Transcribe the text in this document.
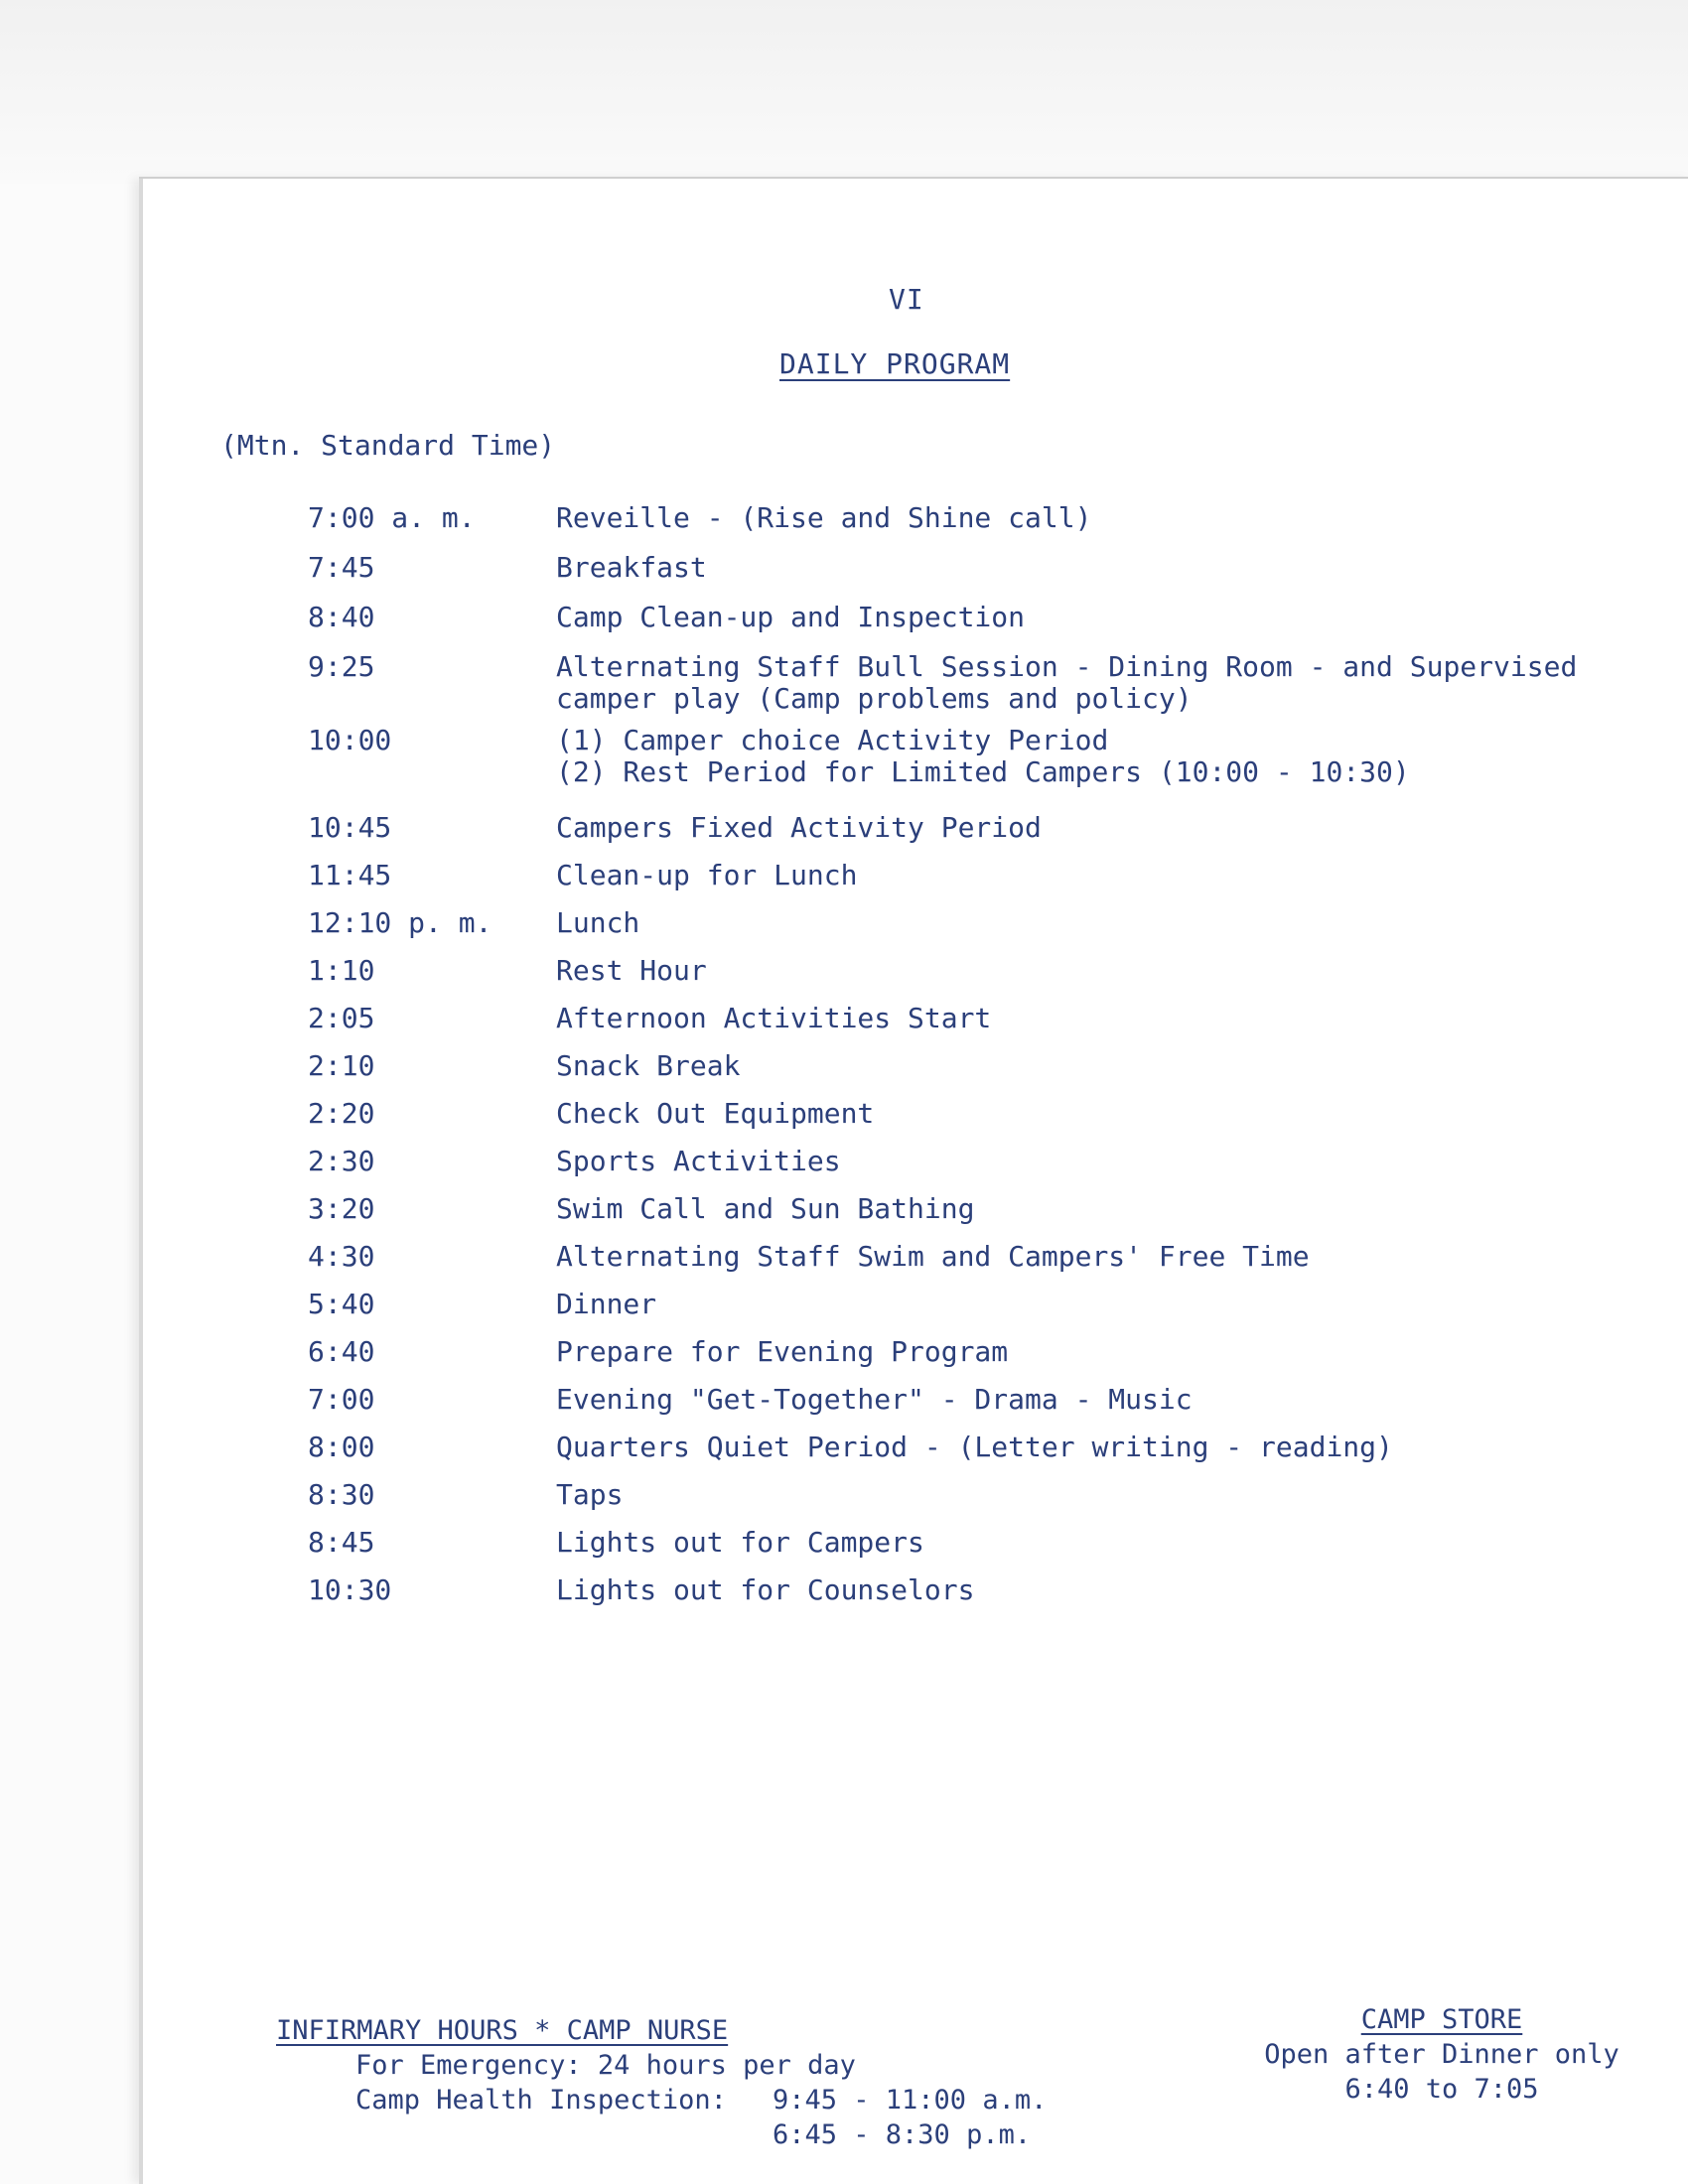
VI
DAILY PROGRAM
(Mtn. Standard Time)
7:00 a. m.	Reveille - (Rise and Shine call)
7:45	Breakfast
8:40	Camp Clean-up and Inspection
9:25	Alternating Staff Bull Session - Dining Room - and Supervised
camper play (Camp problems and policy)
10:00	(1) Camper choice Activity Period
(2) Rest Period for Limited Campers (10:00 - 10:30)
10:45	Campers Fixed Activity Period
11:45	Clean-up for Lunch
12:10 p. m.	Lunch
1:10	Rest Hour
2:05	Afternoon Activities Start
2:10	Snack Break
2:20	Check Out Equipment
2:30	Sports Activities
3:20	Swim Call and Sun Bathing
4:30	Alternating Staff Swim and Campers' Free Time
5:40	Dinner
6:40	Prepare for Evening Program
7:00	Evening "Get-Together" - Drama - Music
8:00	Quarters Quiet Period - (Letter writing - reading)
8:30	Taps
8:45	Lights out for Campers
10:30	Lights out for Counselors
INFIRMARY HOURS * CAMP NURSE
For Emergency: 24 hours per day
Camp Health Inspection:	9:45 - 11:00 a.m.
6:45 - 8:30 p.m.
CAMP STORE
Open after Dinner only
6:40 to 7:05
